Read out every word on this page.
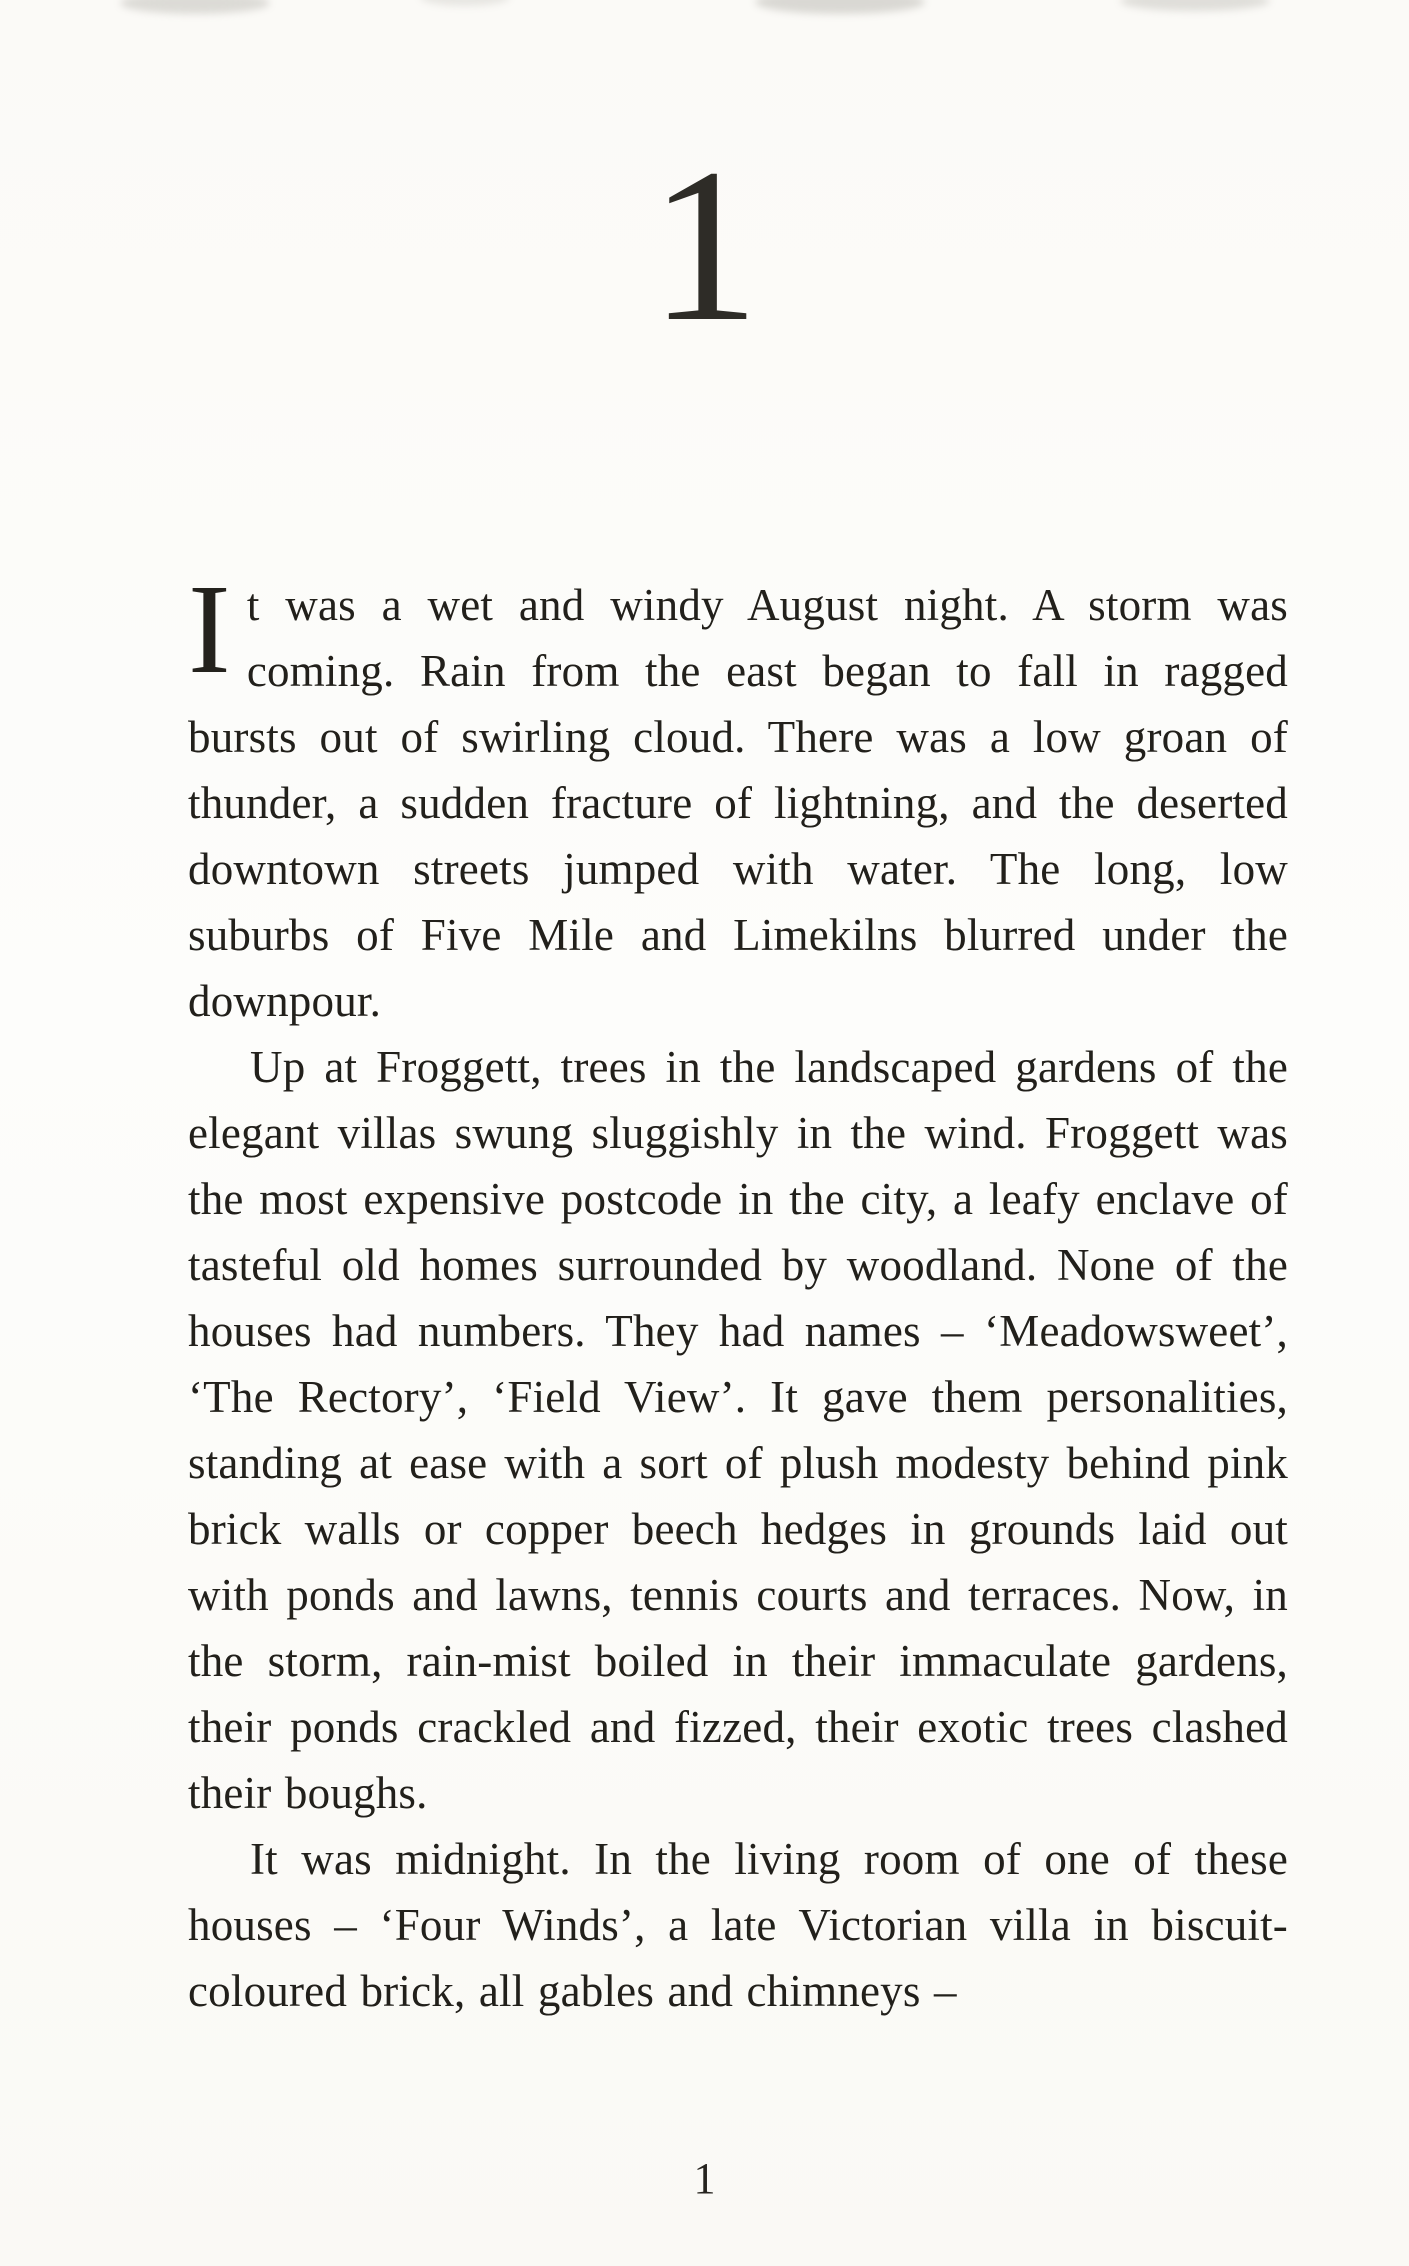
1

It was a wet and windy August night. A storm was coming. Rain from the east began to fall in ragged bursts out of swirling cloud. There was a low groan of thunder, a sudden fracture of lightning, and the deserted downtown streets jumped with water. The long, low suburbs of Five Mile and Limekilns blurred under the downpour.

Up at Froggett, trees in the landscaped gardens of the elegant villas swung sluggishly in the wind. Froggett was the most expensive postcode in the city, a leafy enclave of tasteful old homes surrounded by woodland. None of the houses had numbers. They had names – ‘Meadowsweet’, ‘The Rectory’, ‘Field View’. It gave them personalities, standing at ease with a sort of plush modesty behind pink brick walls or copper beech hedges in grounds laid out with ponds and lawns, tennis courts and terraces. Now, in the storm, rain-mist boiled in their immaculate gardens, their ponds crackled and fizzed, their exotic trees clashed their boughs.

It was midnight. In the living room of one of these houses – ‘Four Winds’, a late Victorian villa in biscuit-coloured brick, all gables and chimneys –

1
